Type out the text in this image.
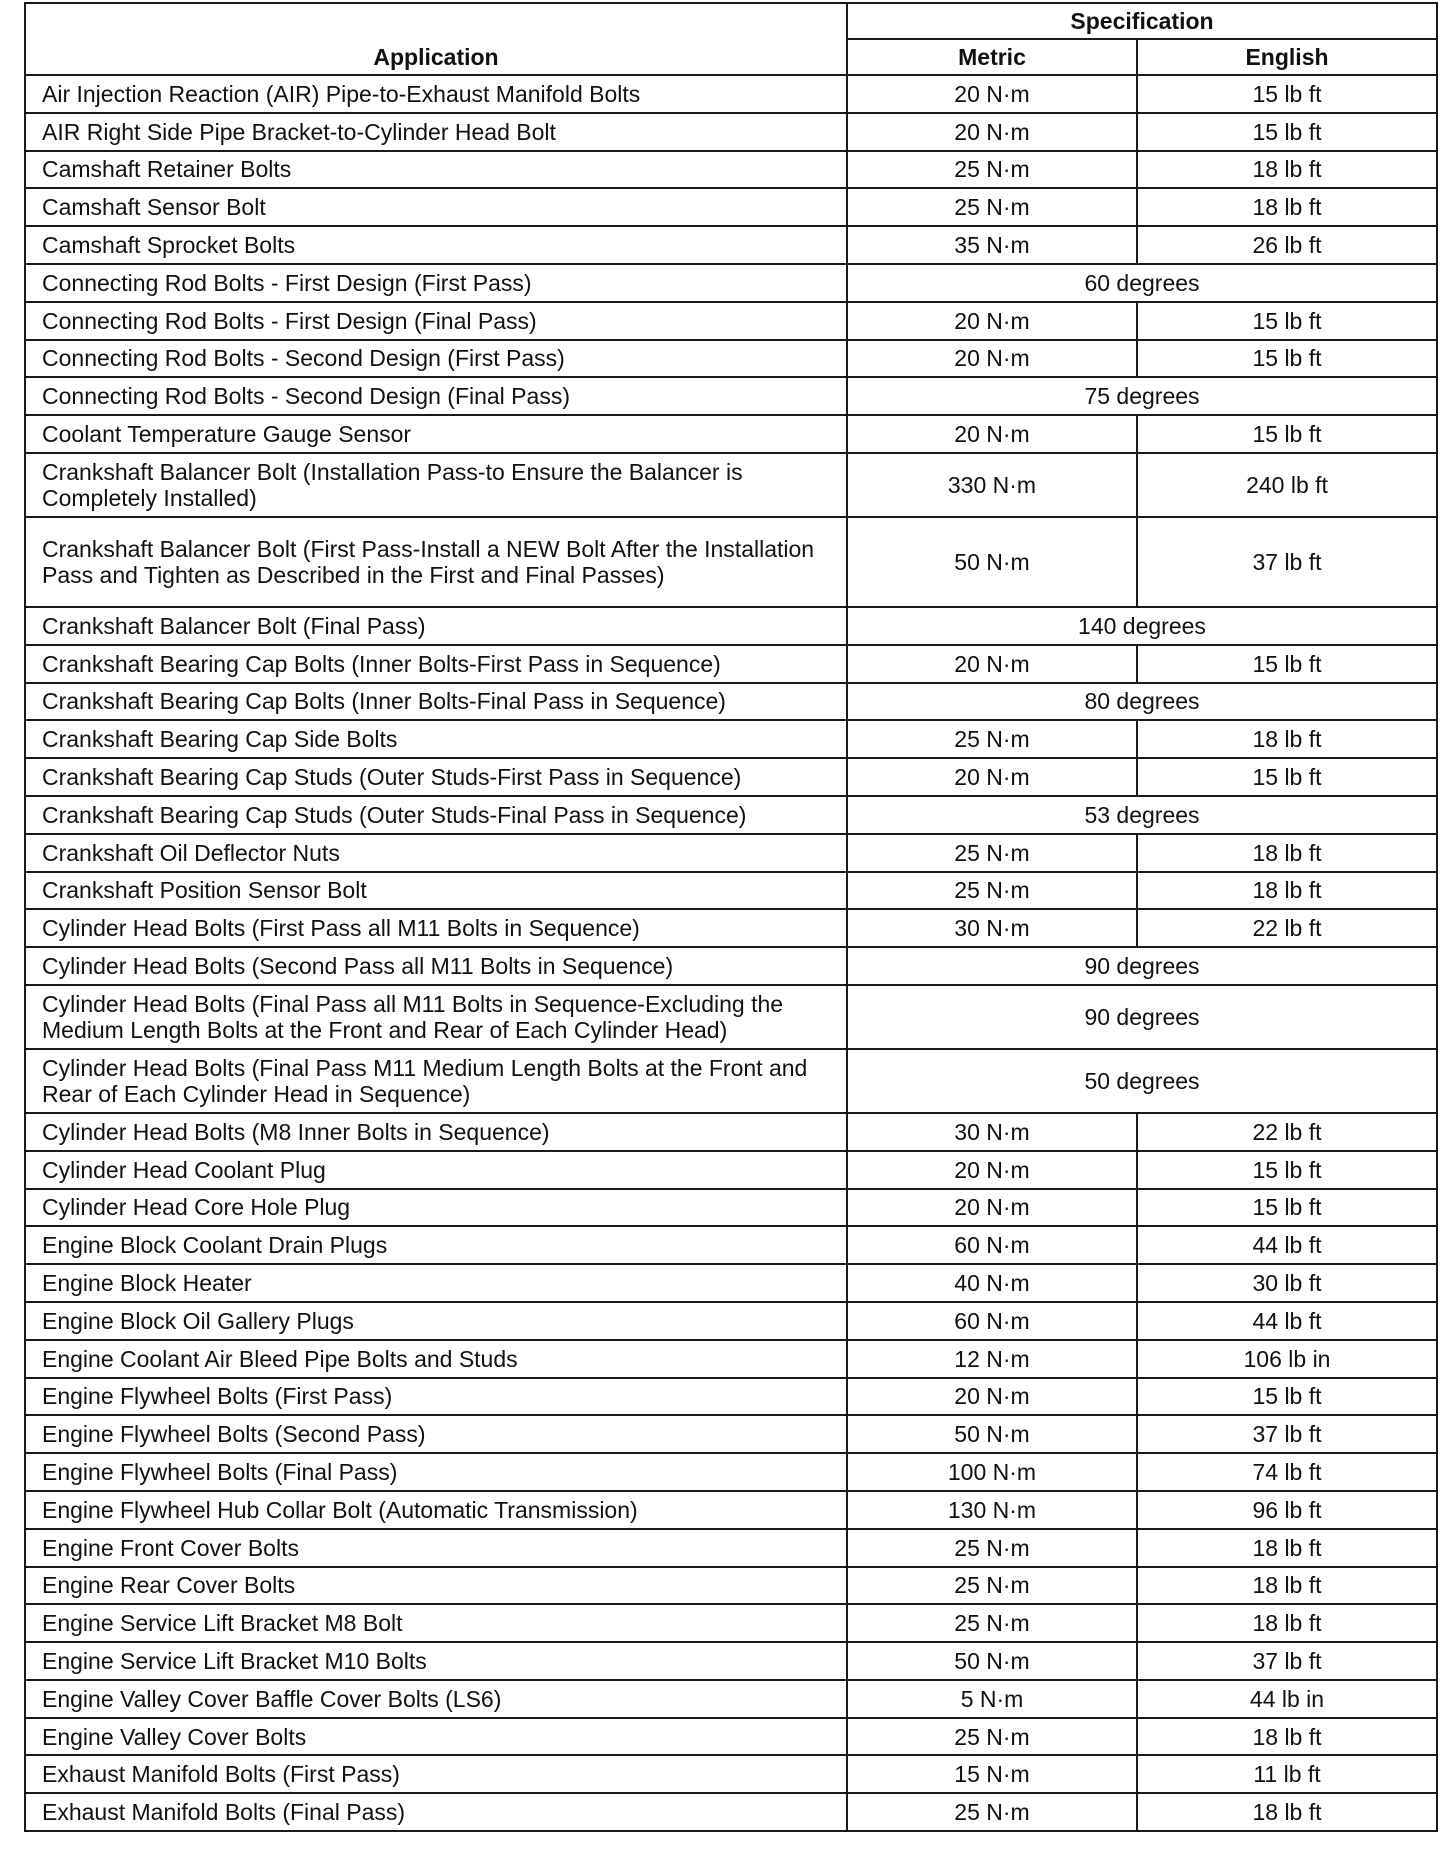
Application	Specification	
	Metric	English
Air Injection Reaction (AIR) Pipe-to-Exhaust Manifold Bolts	20 N·m	15 lb ft
AIR Right Side Pipe Bracket-to-Cylinder Head Bolt	20 N·m	15 lb ft
Camshaft Retainer Bolts	25 N·m	18 lb ft
Camshaft Sensor Bolt	25 N·m	18 lb ft
Camshaft Sprocket Bolts	35 N·m	26 lb ft
Connecting Rod Bolts - First Design (First Pass)	60 degrees	
Connecting Rod Bolts - First Design (Final Pass)	20 N·m	15 lb ft
Connecting Rod Bolts - Second Design (First Pass)	20 N·m	15 lb ft
Connecting Rod Bolts - Second Design (Final Pass)	75 degrees	
Coolant Temperature Gauge Sensor	20 N·m	15 lb ft
Crankshaft Balancer Bolt (Installation Pass-to Ensure the Balancer is Completely Installed)	330 N·m	240 lb ft
Crankshaft Balancer Bolt (First Pass-Install a NEW Bolt After the Installation Pass and Tighten as Described in the First and Final Passes)	50 N·m	37 lb ft
Crankshaft Balancer Bolt (Final Pass)	140 degrees	
Crankshaft Bearing Cap Bolts (Inner Bolts-First Pass in Sequence)	20 N·m	15 lb ft
Crankshaft Bearing Cap Bolts (Inner Bolts-Final Pass in Sequence)	80 degrees	
Crankshaft Bearing Cap Side Bolts	25 N·m	18 lb ft
Crankshaft Bearing Cap Studs (Outer Studs-First Pass in Sequence)	20 N·m	15 lb ft
Crankshaft Bearing Cap Studs (Outer Studs-Final Pass in Sequence)	53 degrees	
Crankshaft Oil Deflector Nuts	25 N·m	18 lb ft
Crankshaft Position Sensor Bolt	25 N·m	18 lb ft
Cylinder Head Bolts (First Pass all M11 Bolts in Sequence)	30 N·m	22 lb ft
Cylinder Head Bolts (Second Pass all M11 Bolts in Sequence)	90 degrees	
Cylinder Head Bolts (Final Pass all M11 Bolts in Sequence-Excluding the Medium Length Bolts at the Front and Rear of Each Cylinder Head)	90 degrees	
Cylinder Head Bolts (Final Pass M11 Medium Length Bolts at the Front and Rear of Each Cylinder Head in Sequence)	50 degrees	
Cylinder Head Bolts (M8 Inner Bolts in Sequence)	30 N·m	22 lb ft
Cylinder Head Coolant Plug	20 N·m	15 lb ft
Cylinder Head Core Hole Plug	20 N·m	15 lb ft
Engine Block Coolant Drain Plugs	60 N·m	44 lb ft
Engine Block Heater	40 N·m	30 lb ft
Engine Block Oil Gallery Plugs	60 N·m	44 lb ft
Engine Coolant Air Bleed Pipe Bolts and Studs	12 N·m	106 lb in
Engine Flywheel Bolts (First Pass)	20 N·m	15 lb ft
Engine Flywheel Bolts (Second Pass)	50 N·m	37 lb ft
Engine Flywheel Bolts (Final Pass)	100 N·m	74 lb ft
Engine Flywheel Hub Collar Bolt (Automatic Transmission)	130 N·m	96 lb ft
Engine Front Cover Bolts	25 N·m	18 lb ft
Engine Rear Cover Bolts	25 N·m	18 lb ft
Engine Service Lift Bracket M8 Bolt	25 N·m	18 lb ft
Engine Service Lift Bracket M10 Bolts	50 N·m	37 lb ft
Engine Valley Cover Baffle Cover Bolts (LS6)	5 N·m	44 lb in
Engine Valley Cover Bolts	25 N·m	18 lb ft
Exhaust Manifold Bolts (First Pass)	15 N·m	11 lb ft
Exhaust Manifold Bolts (Final Pass)	25 N·m	18 lb ft
